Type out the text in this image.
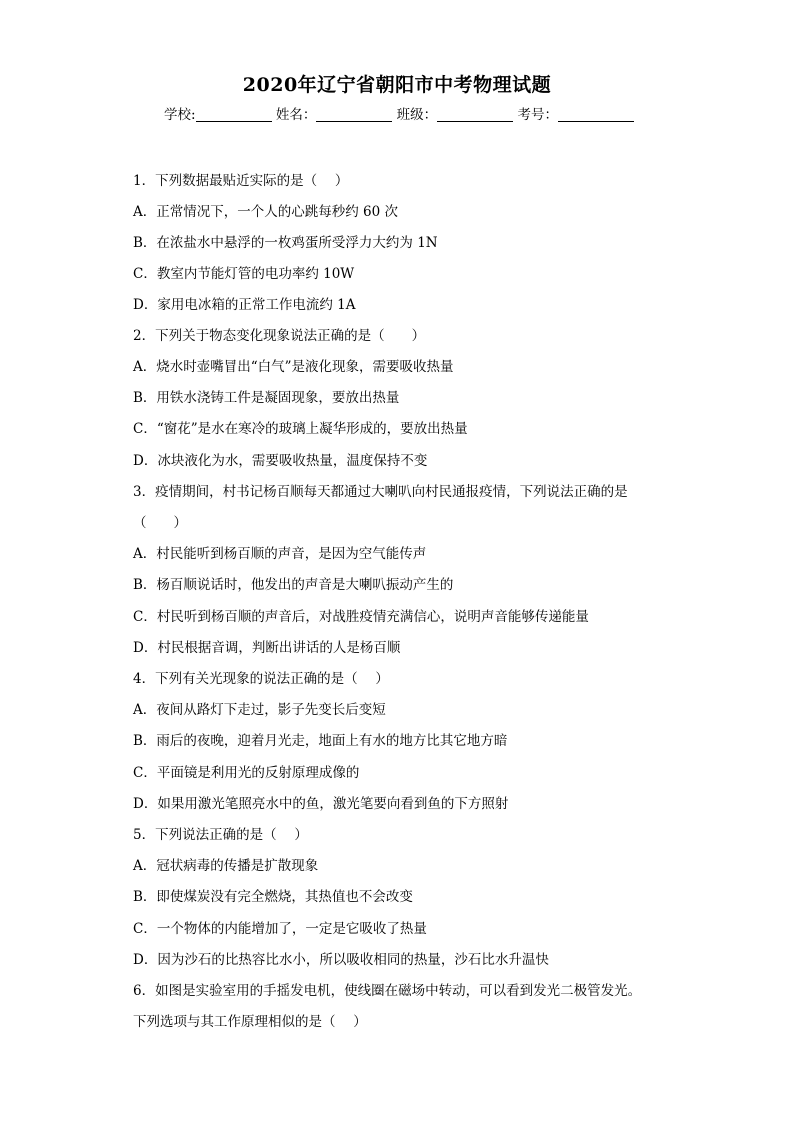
2020年辽宁省朝阳市中考物理试题
学校:	姓名：	班级：	考号：
1．下列数据最贴近实际的是（　 ）
A．正常情况下，一个人的心跳每秒约 60 次
B．在浓盐水中悬浮的一枚鸡蛋所受浮力大约为 1N
C．教室内节能灯管的电功率约 10W
D．家用电冰箱的正常工作电流约 1A
2．下列关于物态变化现象说法正确的是（　　）
A．烧水时壶嘴冒出“白气”是液化现象，需要吸收热量
B．用铁水浇铸工件是凝固现象，要放出热量
C．“窗花”是水在寒冷的玻璃上凝华形成的，要放出热量
D．冰块液化为水，需要吸收热量，温度保持不变
3．疫情期间，村书记杨百顺每天都通过大喇叭向村民通报疫情，下列说法正确的是
（　　）
A．村民能听到杨百顺的声音，是因为空气能传声
B．杨百顺说话时，他发出的声音是大喇叭振动产生的
C．村民听到杨百顺的声音后，对战胜疫情充满信心，说明声音能够传递能量
D．村民根据音调，判断出讲话的人是杨百顺
4．下列有关光现象的说法正确的是（　 ）
A．夜间从路灯下走过，影子先变长后变短
B．雨后的夜晚，迎着月光走，地面上有水的地方比其它地方暗
C．平面镜是利用光的反射原理成像的
D．如果用激光笔照亮水中的鱼，激光笔要向看到鱼的下方照射
5．下列说法正确的是（　 ）
A．冠状病毒的传播是扩散现象
B．即使煤炭没有完全燃烧，其热值也不会改变
C．一个物体的内能增加了，一定是它吸收了热量
D．因为沙石的比热容比水小，所以吸收相同的热量，沙石比水升温快
6．如图是实验室用的手摇发电机，使线圈在磁场中转动，可以看到发光二极管发光。
下列选项与其工作原理相似的是（　 ）
